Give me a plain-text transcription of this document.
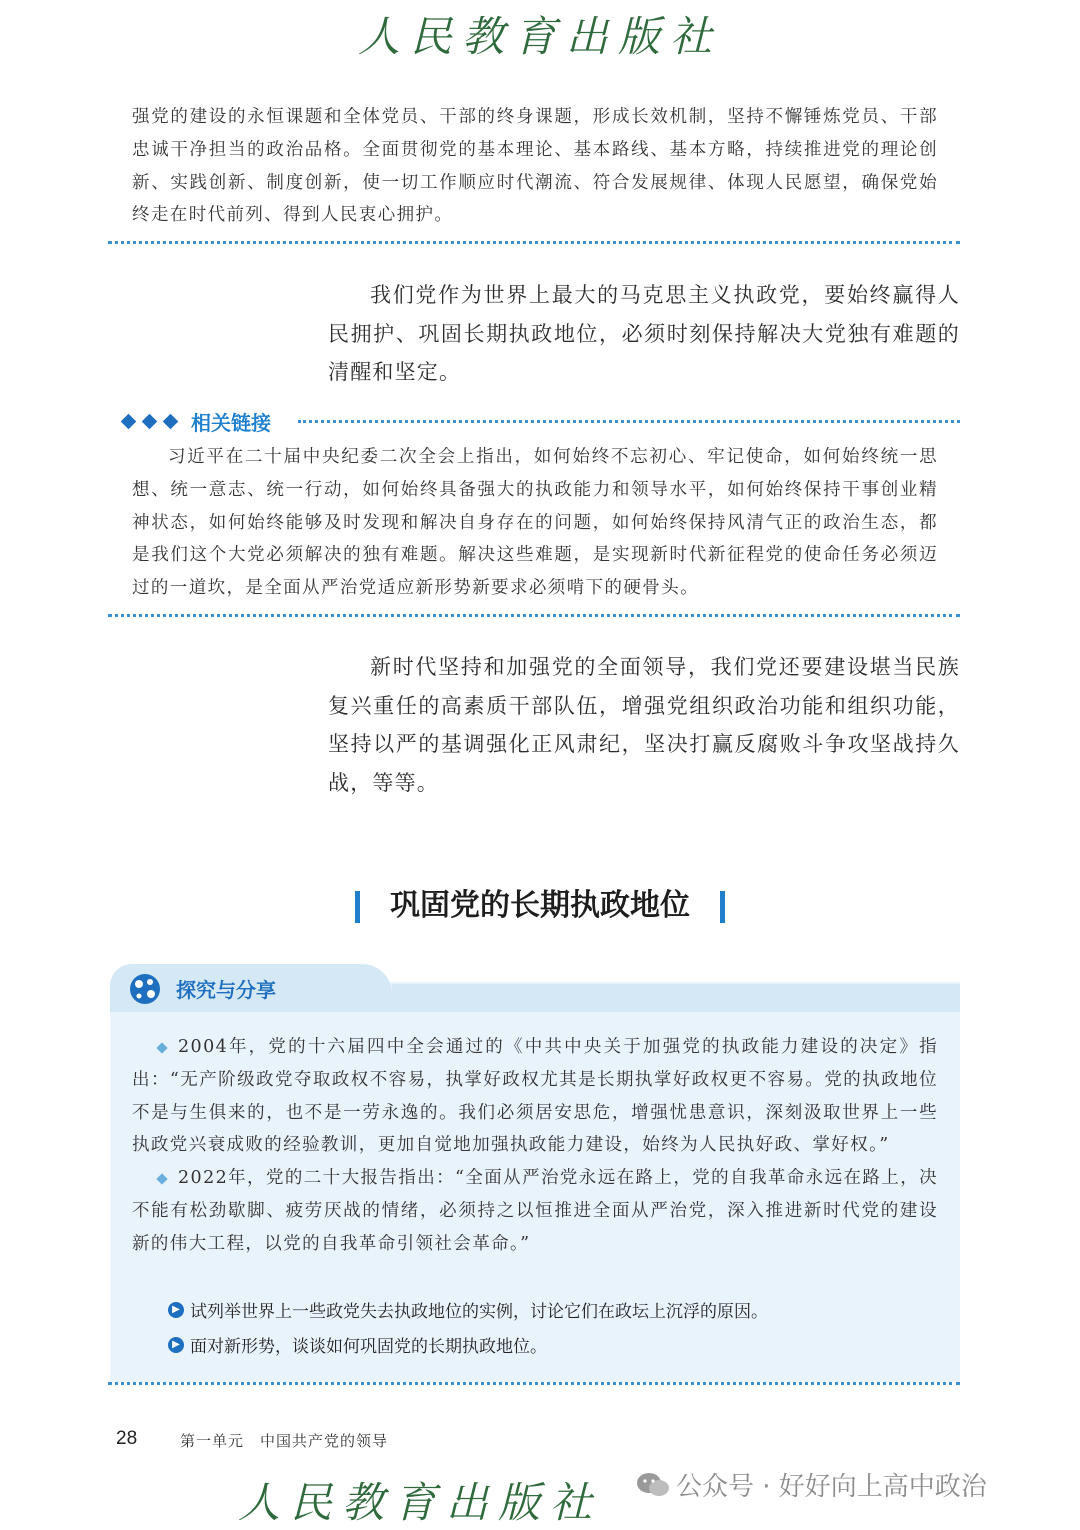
人民教育出版社
强党的建设的永恒课题和全体党员、干部的终身课题，形成长效机制，坚持不懈锤炼党员、干部忠诚干净担当的政治品格。全面贯彻党的基本理论、基本路线、基本方略，持续推进党的理论创新、实践创新、制度创新，使一切工作顺应时代潮流、符合发展规律、体现人民愿望，确保党始终走在时代前列、得到人民衷心拥护。
我们党作为世界上最大的马克思主义执政党，要始终赢得人民拥护、巩固长期执政地位，必须时刻保持解决大党独有难题的清醒和坚定。
相关链接
习近平在二十届中央纪委二次全会上指出，如何始终不忘初心、牢记使命，如何始终统一思想、统一意志、统一行动，如何始终具备强大的执政能力和领导水平，如何始终保持干事创业精神状态，如何始终能够及时发现和解决自身存在的问题，如何始终保持风清气正的政治生态，都是我们这个大党必须解决的独有难题。解决这些难题，是实现新时代新征程党的使命任务必须迈过的一道坎，是全面从严治党适应新形势新要求必须啃下的硬骨头。
新时代坚持和加强党的全面领导，我们党还要建设堪当民族复兴重任的高素质干部队伍，增强党组织政治功能和组织功能，坚持以严的基调强化正风肃纪，坚决打赢反腐败斗争攻坚战持久战，等等。
巩固党的长期执政地位
探究与分享
2004年，党的十六届四中全会通过的《中共中央关于加强党的执政能力建设的决定》指出：“无产阶级政党夺取政权不容易，执掌好政权尤其是长期执掌好政权更不容易。党的执政地位不是与生俱来的，也不是一劳永逸的。我们必须居安思危，增强忧患意识，深刻汲取世界上一些执政党兴衰成败的经验教训，更加自觉地加强执政能力建设，始终为人民执好政、掌好权。”
2022年，党的二十大报告指出：“全面从严治党永远在路上，党的自我革命永远在路上，决不能有松劲歇脚、疲劳厌战的情绪，必须持之以恒推进全面从严治党，深入推进新时代党的建设新的伟大工程，以党的自我革命引领社会革命。”
▶ 试列举世界上一些政党失去执政地位的实例，讨论它们在政坛上沉浮的原因。
▶ 面对新形势，谈谈如何巩固党的长期执政地位。
28	第一单元　中国共产党的领导
人民教育出版社	公众号 · 好好向上高中政治
